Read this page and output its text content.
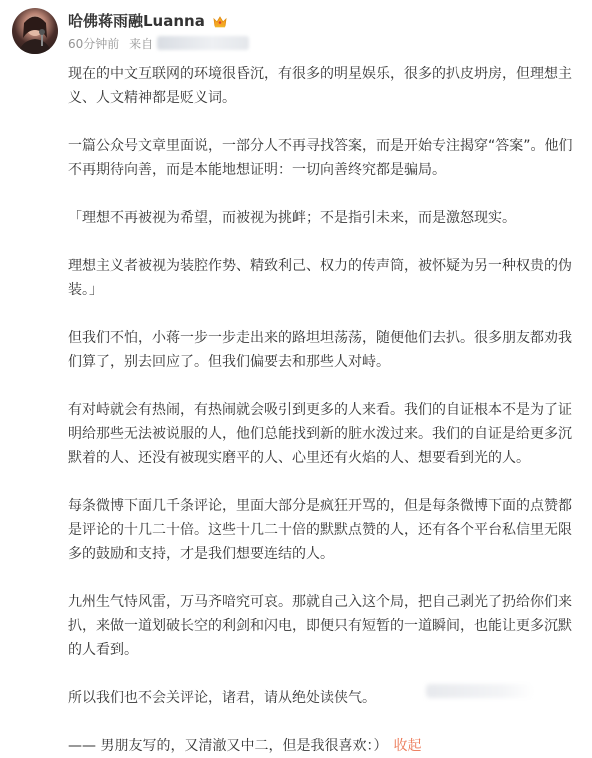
哈佛蒋雨融Luanna
60分钟前 来自

现在的中文互联网的环境很昏沉，有很多的明星娱乐，很多的扒皮坍房，但理想主义、人文精神都是贬义词。

一篇公众号文章里面说，一部分人不再寻找答案，而是开始专注揭穿“答案”。他们不再期待向善，而是本能地想证明：一切向善终究都是骗局。

「理想不再被视为希望，而被视为挑衅；不是指引未来，而是激怒现实。

理想主义者被视为装腔作势、精致利己、权力的传声筒，被怀疑为另一种权贵的伪装。」

但我们不怕，小蒋一步一步走出来的路坦坦荡荡，随便他们去扒。很多朋友都劝我们算了，别去回应了。但我们偏要去和那些人对峙。

有对峙就会有热闹，有热闹就会吸引到更多的人来看。我们的自证根本不是为了证明给那些无法被说服的人，他们总能找到新的脏水泼过来。我们的自证是给更多沉默着的人、还没有被现实磨平的人、心里还有火焰的人、想要看到光的人。

每条微博下面几千条评论，里面大部分是疯狂开骂的，但是每条微博下面的点赞都是评论的十几二十倍。这些十几二十倍的默默点赞的人，还有各个平台私信里无限多的鼓励和支持，才是我们想要连结的人。

九州生气恃风雷，万马齐喑究可哀。那就自己入这个局，把自己剥光了扔给你们来扒，来做一道划破长空的利剑和闪电，即便只有短暂的一道瞬间，也能让更多沉默的人看到。

所以我们也不会关评论，诸君，请从绝处读侠气。

—— 男朋友写的，又清澈又中二，但是我很喜欢：） 收起
